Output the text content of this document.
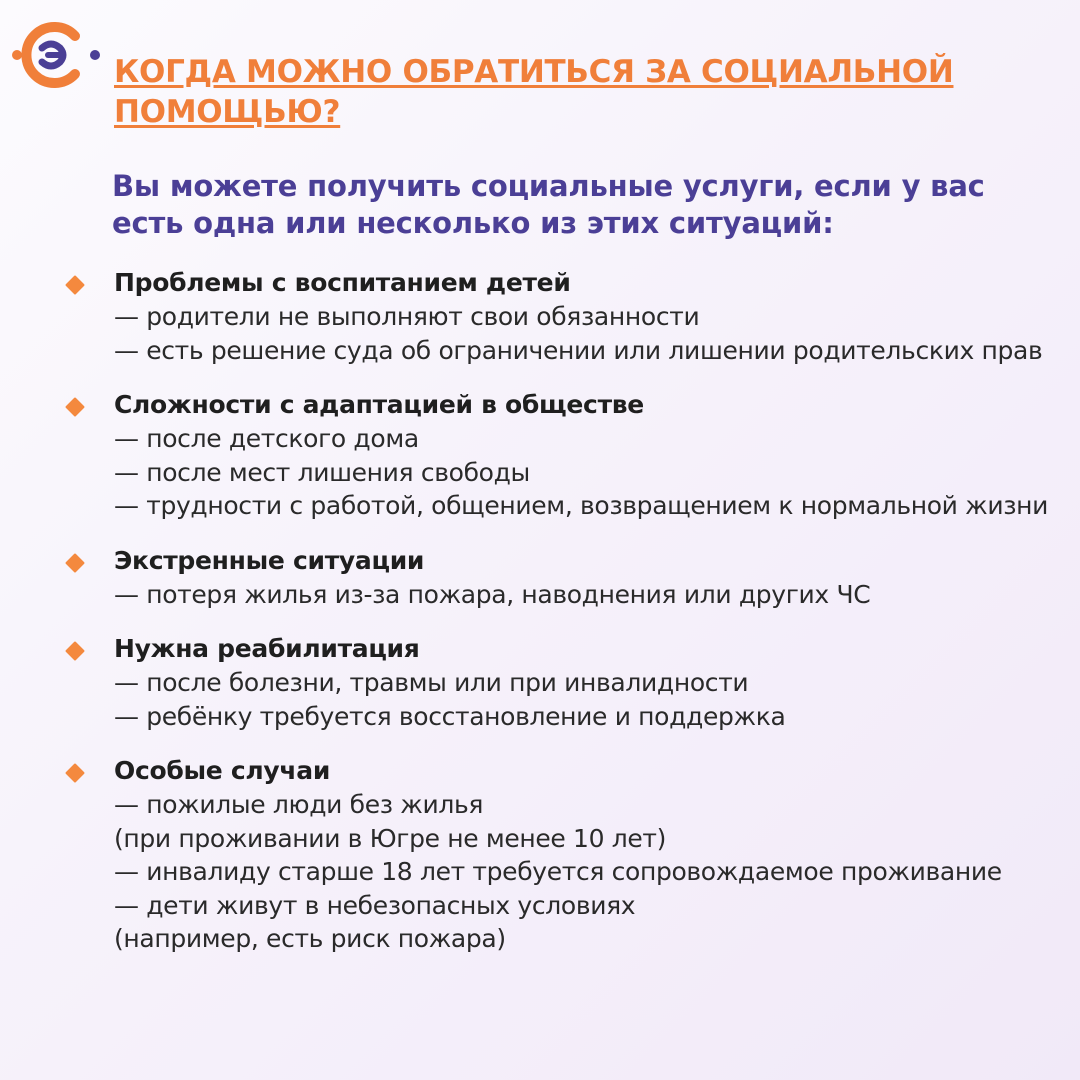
КОГДА МОЖНО ОБРАТИТЬСЯ ЗА СОЦИАЛЬНОЙ ПОМОЩЬЮ?

Вы можете получить социальные услуги, если у вас есть одна или несколько из этих ситуаций:

Проблемы с воспитанием детей

— родители не выполняют свои обязанности

— есть решение суда об ограничении или лишении родительских прав

Сложности с адаптацией в обществе

— после детского дома

— после мест лишения свободы

— трудности с работой, общением, возвращением к нормальной жизни

Экстренные ситуации

— потеря жилья из-за пожара, наводнения или других ЧС

Нужна реабилитация

— после болезни, травмы или при инвалидности

— ребёнку требуется восстановление и поддержка

Особые случаи

— пожилые люди без жилья

(при проживании в Югре не менее 10 лет)

— инвалиду старше 18 лет требуется сопровождаемое проживание

— дети живут в небезопасных условиях

(например, есть риск пожара)
